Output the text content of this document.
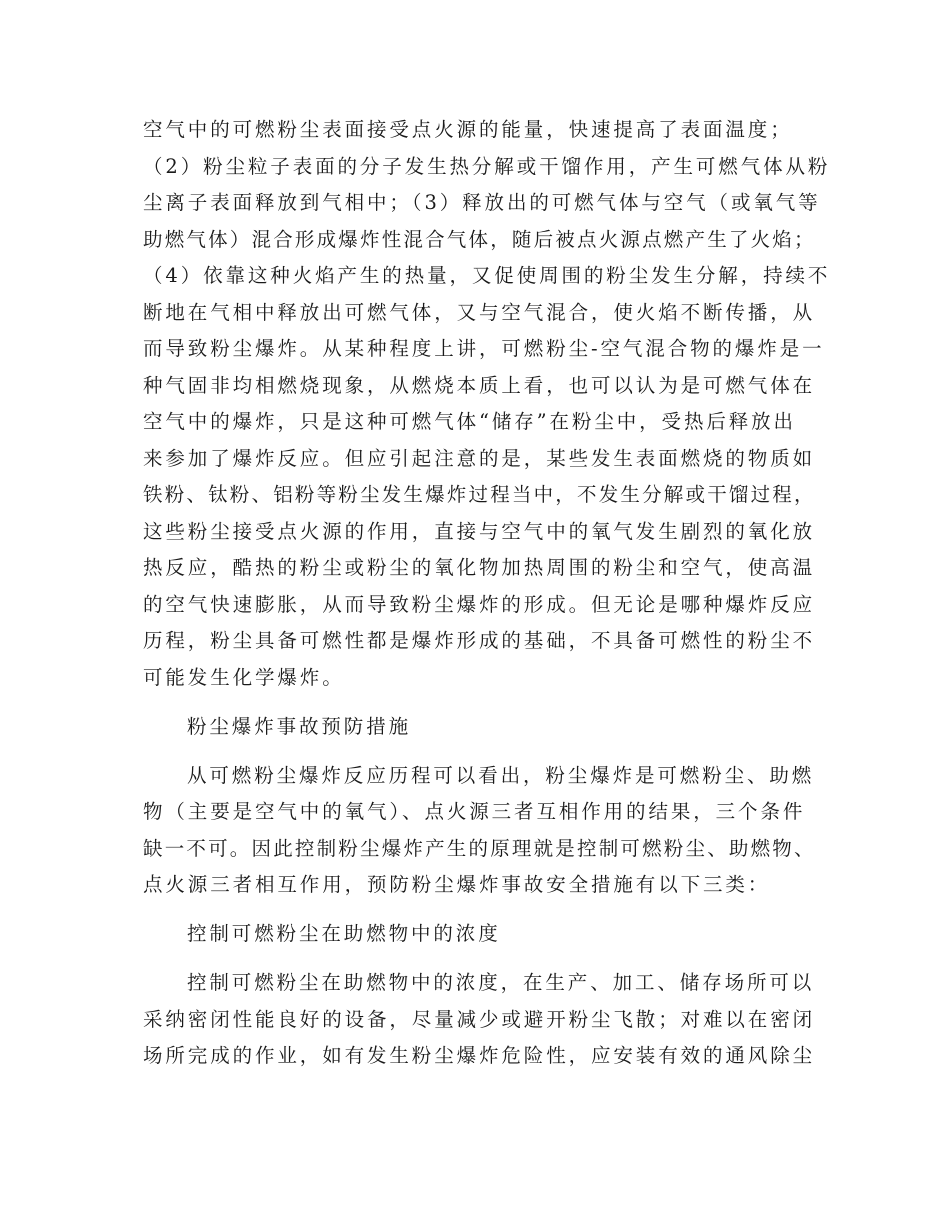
空气中的可燃粉尘表面接受点火源的能量，快速提高了表面温度；
（2）粉尘粒子表面的分子发生热分解或干馏作用，产生可燃气体从粉
尘离子表面释放到气相中；（3）释放出的可燃气体与空气（或氧气等
助燃气体）混合形成爆炸性混合气体，随后被点火源点燃产生了火焰；
（4）依靠这种火焰产生的热量，又促使周围的粉尘发生分解，持续不
断地在气相中释放出可燃气体，又与空气混合，使火焰不断传播，从
而导致粉尘爆炸。从某种程度上讲，可燃粉尘-空气混合物的爆炸是一
种气固非均相燃烧现象，从燃烧本质上看，也可以认为是可燃气体在
空气中的爆炸，只是这种可燃气体“储存”在粉尘中，受热后释放出
来参加了爆炸反应。但应引起注意的是，某些发生表面燃烧的物质如
铁粉、钛粉、铝粉等粉尘发生爆炸过程当中，不发生分解或干馏过程，
这些粉尘接受点火源的作用，直接与空气中的氧气发生剧烈的氧化放
热反应，酷热的粉尘或粉尘的氧化物加热周围的粉尘和空气，使高温
的空气快速膨胀，从而导致粉尘爆炸的形成。但无论是哪种爆炸反应
历程，粉尘具备可燃性都是爆炸形成的基础，不具备可燃性的粉尘不
可能发生化学爆炸。
粉尘爆炸事故预防措施
从可燃粉尘爆炸反应历程可以看出，粉尘爆炸是可燃粉尘、助燃
物（主要是空气中的氧气）、点火源三者互相作用的结果，三个条件
缺一不可。因此控制粉尘爆炸产生的原理就是控制可燃粉尘、助燃物、
点火源三者相互作用，预防粉尘爆炸事故安全措施有以下三类：
控制可燃粉尘在助燃物中的浓度
控制可燃粉尘在助燃物中的浓度，在生产、加工、储存场所可以
采纳密闭性能良好的设备，尽量减少或避开粉尘飞散；对难以在密闭
场所完成的作业，如有发生粉尘爆炸危险性，应安装有效的通风除尘
